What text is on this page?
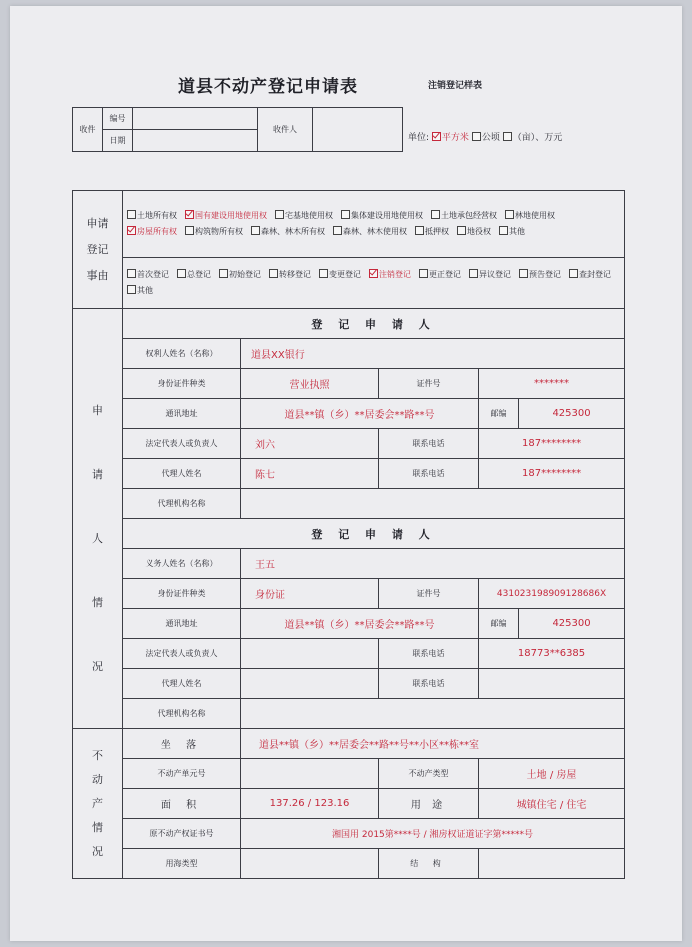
道县不动产登记申请表	注销登记样表
收件	编号		收件人	
	日期				单位: 平方米 公顷 （亩）、万元
申请
登记
事由	土地所有权 国有建设用地使用权 宅基地使用权 集体建设用地使用权 土地承包经营权 林地使用权房屋所有权 构筑物所有权 森林、林木所有权 森林、林木使用权 抵押权 地役权 其他				
	首次登记 总登记 初始登记 转移登记 变更登记 注销登记 更正登记 异议登记 预告登记 查封登记其他				

申
请
人
情
况	登 记 申 请 人				
	权利人姓名（名称）	道县XX银行			
	身份证件种类	营业执照	证件号	*******	
	通讯地址	道县**镇（乡）**居委会**路**号		邮编	425300
	法定代表人或负责人	刘六	联系电话	187********	
	代理人姓名	陈七	联系电话	187********	
	代理机构名称				
	登 记 申 请 人				
	义务人姓名（名称）	王五			
	身份证件种类	身份证	证件号	431023198909128686X	
	通讯地址	道县**镇（乡）**居委会**路**号		邮编	425300
	法定代表人或负责人		联系电话	18773**6385	
	代理人姓名		联系电话		
	代理机构名称				

不
动
产
情
况	坐 落	道县**镇（乡）**居委会**路**号**小区**栋**室			
	不动产单元号		不动产类型	土地 / 房屋	
	面 积	137.26 / 123.16	用 途	城镇住宅 / 住宅	
	原不动产权证书号	湘国用 2015第****号 / 湘房权证道证字第*****号			
	用海类型		结 构		
